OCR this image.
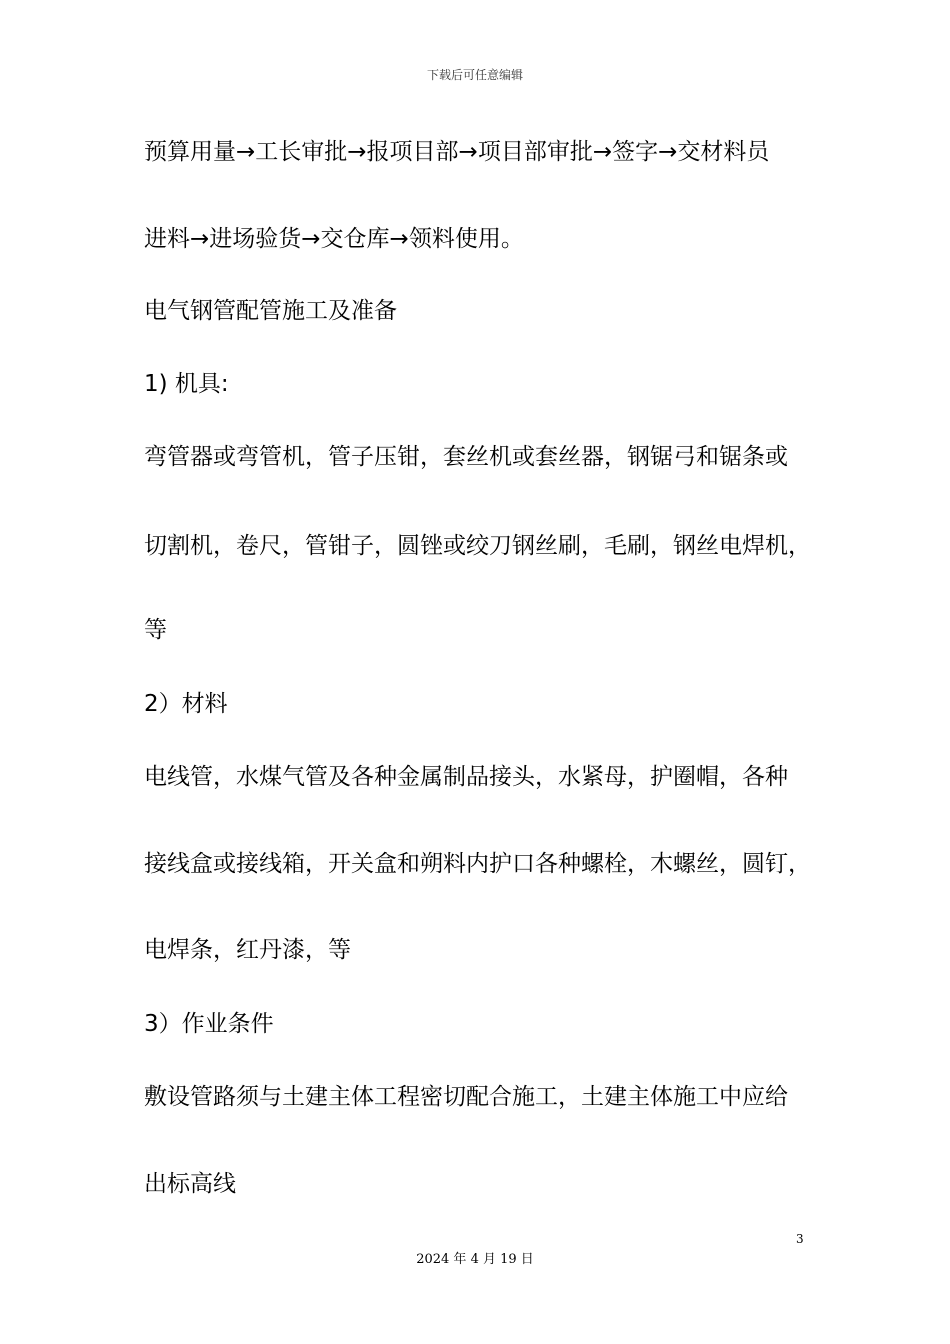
下载后可任意编辑
预算用量→工长审批→报项目部→项目部审批→签字→交材料员
进料→进场验货→交仓库→领料使用。
电气钢管配管施工及准备
1) 机具:
弯管器或弯管机，管子压钳，套丝机或套丝器，钢锯弓和锯条或
切割机，卷尺，管钳子，圆锉或绞刀钢丝刷，毛刷，钢丝电焊机，
等
2）材料
电线管，水煤气管及各种金属制品接头，水紧母，护圈帽，各种
接线盒或接线箱，开关盒和朔料内护口各种螺栓，木螺丝，圆钉，
电焊条，红丹漆，等
3）作业条件
敷设管路须与土建主体工程密切配合施工，土建主体施工中应给
出标高线
3
2024 年 4 月 19 日
